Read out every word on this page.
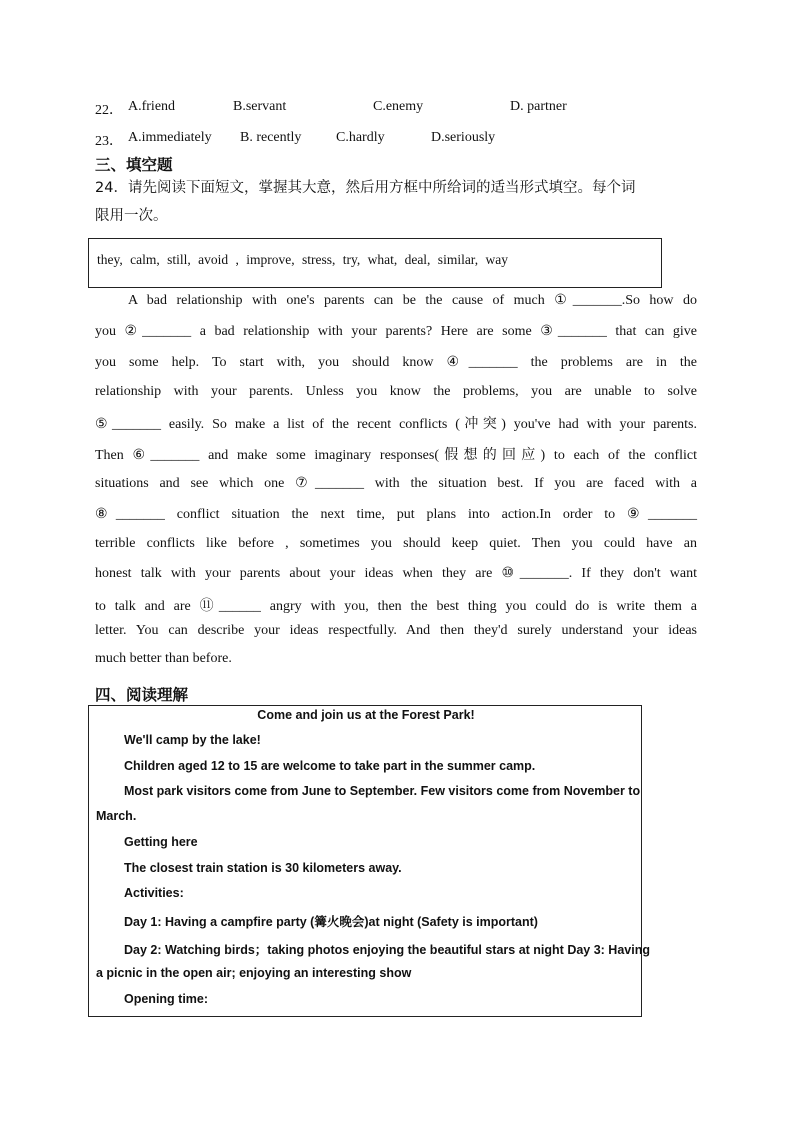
22． A.friend	B.servant	C.enemy	D. partner
23． A.immediately B. recently C.hardly	D.seriously
三、填空题
24．请先阅读下面短文，掌握其大意，然后用方框中所给词的适当形式填空。每个词
限用一次。
they, calm, still, avoid , improve, stress, try, what, deal, similar, way
A bad relationship with one's parents can be the cause of much ①_______.So how do
you ②_______ a bad relationship with your parents? Here are some ③_______ that can give
you some help. To start with, you should know ④_______ the problems are in the
relationship with your parents. Unless you know the problems, you are unable to solve
⑤_______ easily. So make a list of the recent conflicts (冲突) you've had with your parents.
Then ⑥_______ and make some imaginary responses(假想的回应) to each of the conflict
situations and see which one ⑦_______ with the situation best. If you are faced with a
⑧_______ conflict situation the next time, put plans into action.In order to ⑨_______
terrible conflicts like before , sometimes you should keep quiet. Then you could have an
honest talk with your parents about your ideas when they are ⑩_______. If they don't want
to talk and are ⑪______ angry with you, then the best thing you could do is write them a
letter. You can describe your ideas respectfully. And then they'd surely understand your ideas
much better than before.
四、阅读理解
Come and join us at the Forest Park!
We'll camp by the lake!
Children aged 12 to 15 are welcome to take part in the summer camp.
Most park visitors come from June to September. Few visitors come from November to
March.
Getting here
The closest train station is 30 kilometers away.
Activities:
Day 1: Having a campfire party (篝火晚会)at night (Safety is important)
Day 2: Watching birds；taking photos enjoying the beautiful stars at night Day 3: Having
a picnic in the open air; enjoying an interesting show
Opening time:
